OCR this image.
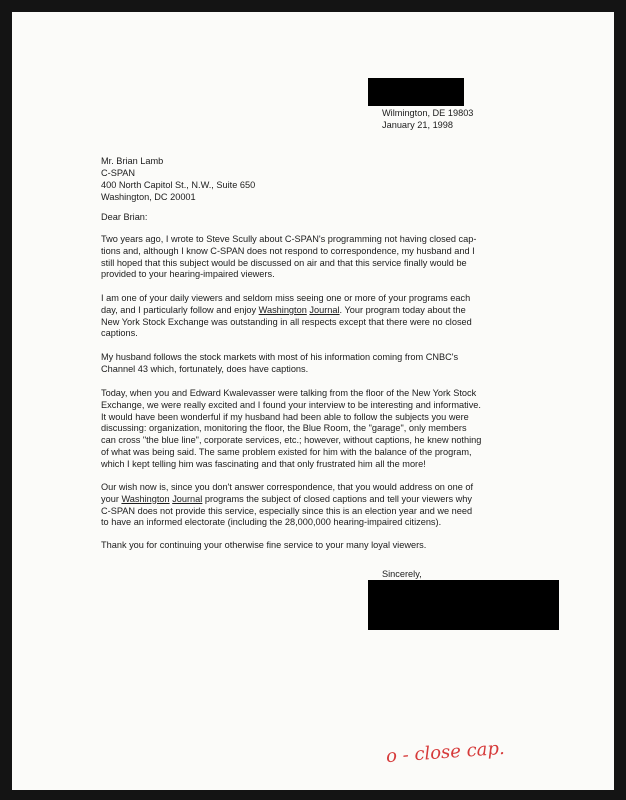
Wilmington, DE 19803
January 21, 1998
Mr. Brian Lamb
C-SPAN
400 North Capitol St., N.W., Suite 650
Washington, DC 20001
Dear Brian:
Two years ago, I wrote to Steve Scully about C-SPAN's programming not having closed cap-
tions and, although I know C-SPAN does not respond to correspondence, my husband and I
still hoped that this subject would be discussed on air and that this service finally would be
provided to your hearing-impaired viewers.
I am one of your daily viewers and seldom miss seeing one or more of your programs each
day, and I particularly follow and enjoy Washington Journal. Your program today about the
New York Stock Exchange was outstanding in all respects except that there were no closed
captions.
My husband follows the stock markets with most of his information coming from CNBC's
Channel 43 which, fortunately, does have captions.
Today, when you and Edward Kwalevasser were talking from the floor of the New York Stock
Exchange, we were really excited and I found your interview to be interesting and informative.
It would have been wonderful if my husband had been able to follow the subjects you were
discussing: organization, monitoring the floor, the Blue Room, the "garage", only members
can cross "the blue line", corporate services, etc.; however, without captions, he knew nothing
of what was being said. The same problem existed for him with the balance of the program,
which I kept telling him was fascinating and that only frustrated him all the more!
Our wish now is, since you don't answer correspondence, that you would address on one of
your Washington Journal programs the subject of closed captions and tell your viewers why
C-SPAN does not provide this service, especially since this is an election year and we need
to have an informed electorate (including the 28,000,000 hearing-impaired citizens).
Thank you for continuing your otherwise fine service to your many loyal viewers.
Sincerely,
o - close cap.
